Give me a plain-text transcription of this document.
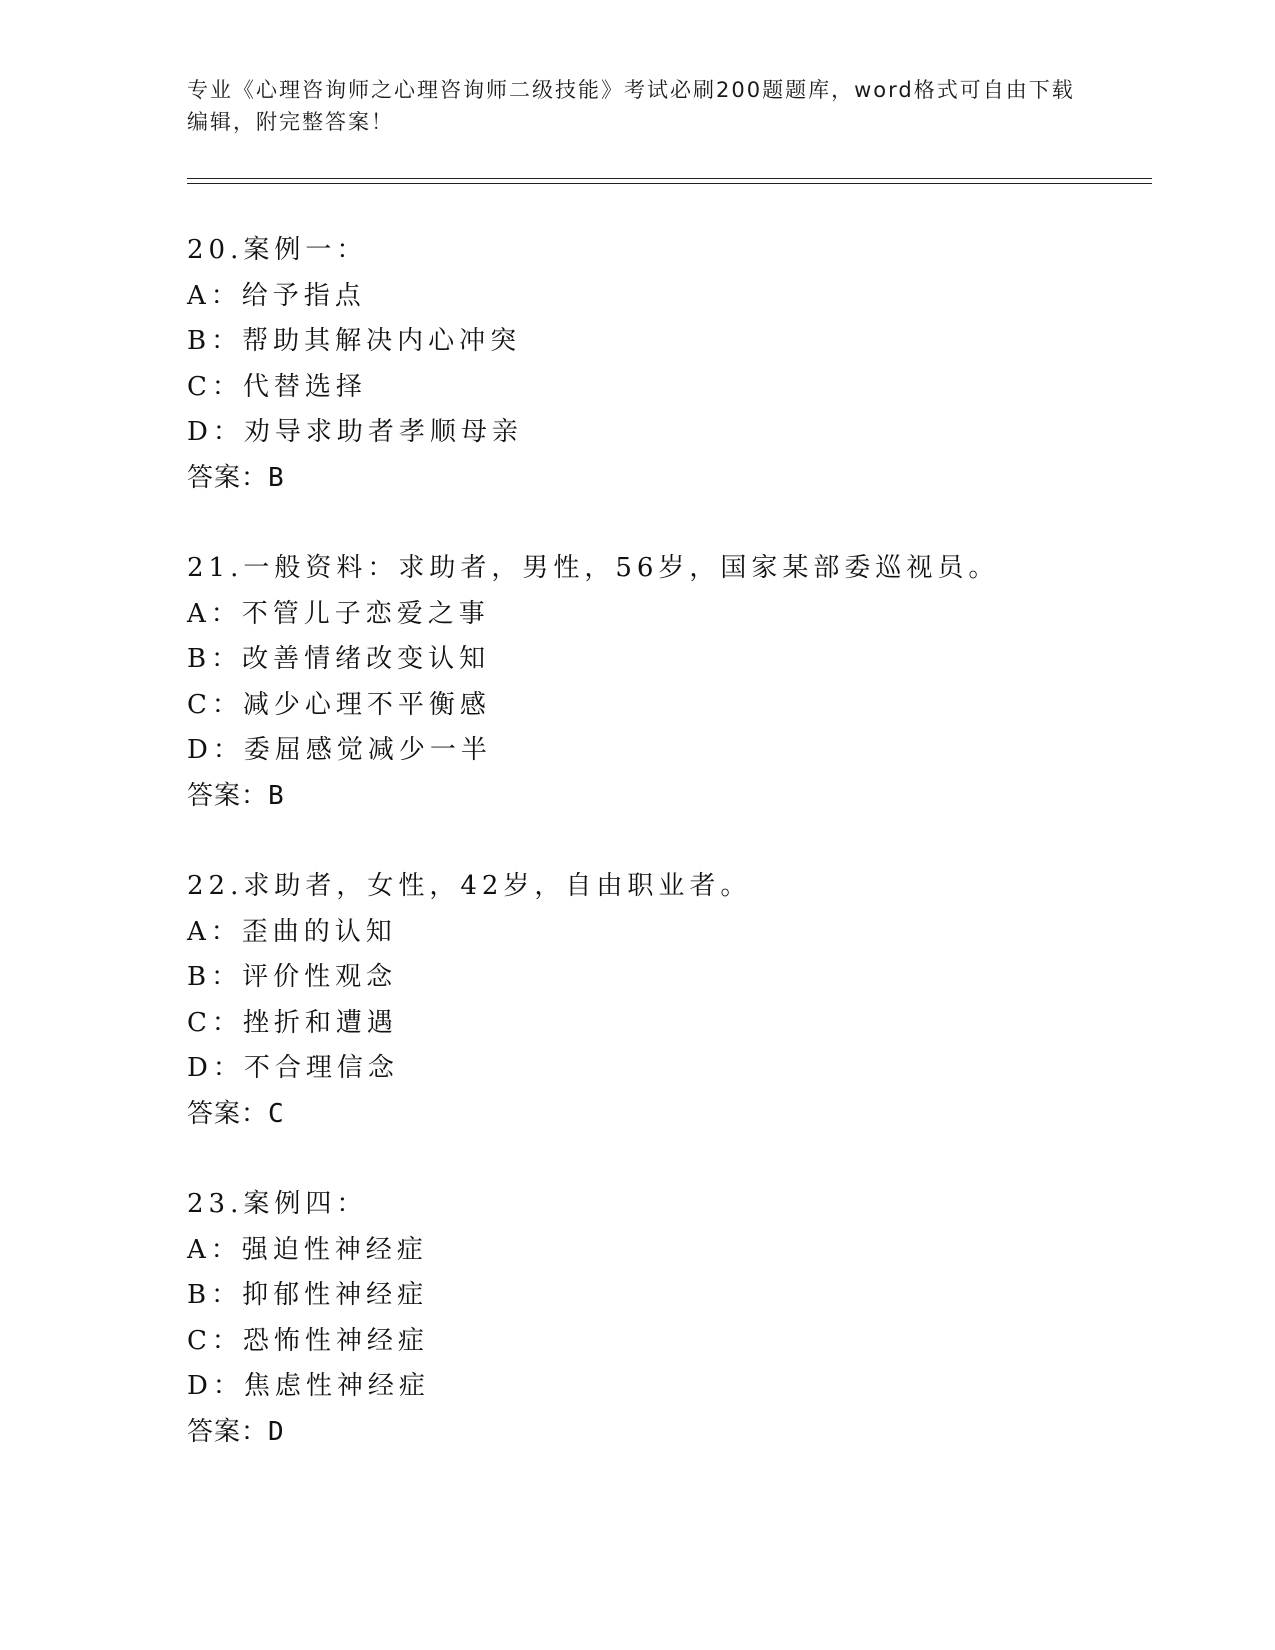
专业《心理咨询师之心理咨询师二级技能》考试必刷200题题库，word格式可自由下载编辑，附完整答案！
20.案例一：
A：给予指点
B：帮助其解决内心冲突
C：代替选择
D：劝导求助者孝顺母亲
答案：B
21.一般资料：求助者，男性，56岁，国家某部委巡视员。
A：不管儿子恋爱之事
B：改善情绪改变认知
C：减少心理不平衡感
D：委屈感觉减少一半
答案：B
22.求助者，女性，42岁，自由职业者。
A：歪曲的认知
B：评价性观念
C：挫折和遭遇
D：不合理信念
答案：C
23.案例四：
A：强迫性神经症
B：抑郁性神经症
C：恐怖性神经症
D：焦虑性神经症
答案：D
